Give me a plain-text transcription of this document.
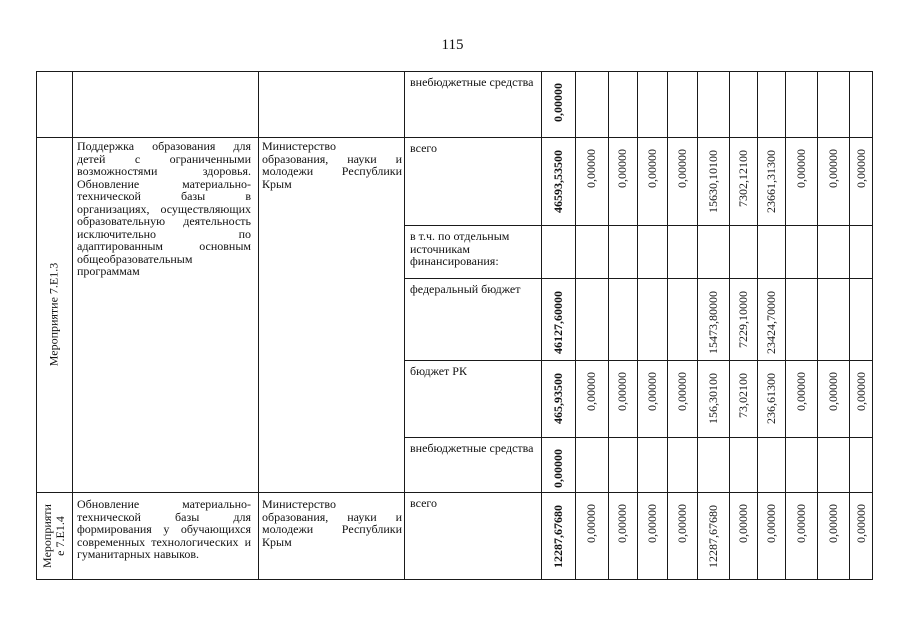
115
Мероприятие 7.Е1.3
Поддержка образования для детей с ограниченными возможностями здоровья. Обновление материально-технической базы в организациях, осуществляющих образовательную деятельность исключительно по адаптированным основным общеобразовательным программам
Министерство образования, науки и молодежи Республики Крым
Мероприяти е 7.Е1.4
Обновление материально-технической базы для формирования у обучающихся современных технологических и гуманитарных навыков.
Министерство образования, науки и молодежи Республики Крым
внебюджетные средства
0,00000
всего
46593,53500 0,00000 0,00000 0,00000 0,00000 15630,10100 7302,12100 23661,31300 0,00000 0,00000 0,00000
в т.ч. по отдельным источникам финансирования:
федеральный бюджет
46127,60000	15473,80000 7229,10000 23424,70000
бюджет РК
465,93500 0,00000 0,00000 0,00000 0,00000 156,30100 73,02100 236,61300 0,00000 0,00000 0,00000
внебюджетные средства
0,00000
всего
12287,67680 0,00000 0,00000 0,00000 0,00000 12287,67680 0,00000 0,00000 0,00000 0,00000 0,00000
